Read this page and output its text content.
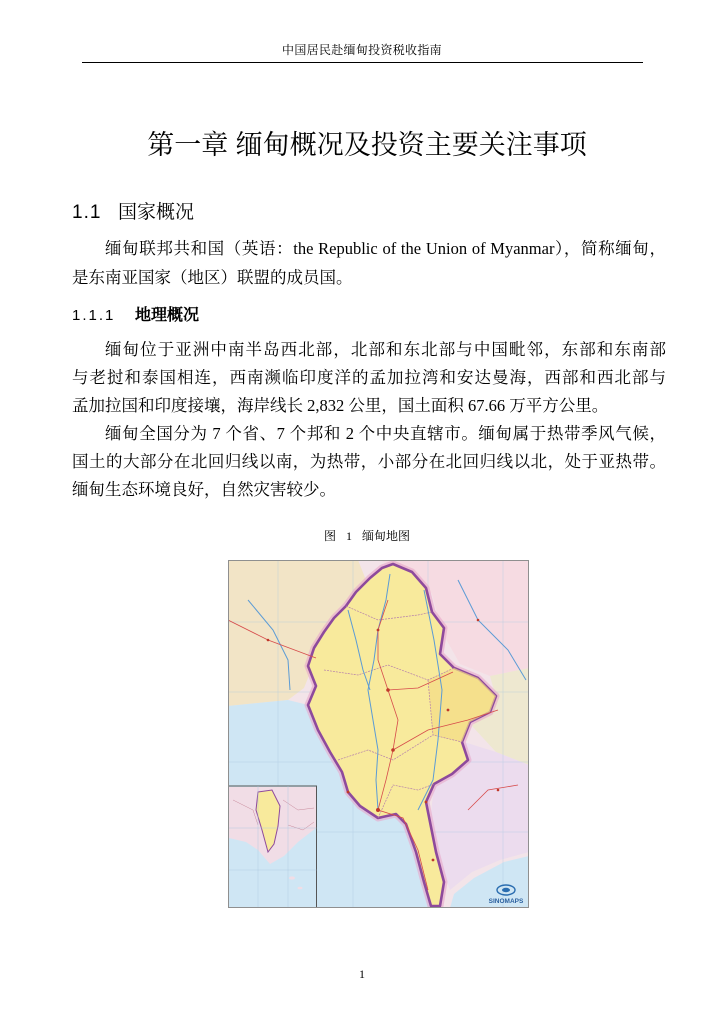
中国居民赴缅甸投资税收指南
第一章 缅甸概况及投资主要关注事项
1.1 国家概况
缅甸联邦共和国（英语：the Republic of the Union of Myanmar），简称缅甸，
是东南亚国家（地区）联盟的成员国。
1.1.1 地理概况
缅甸位于亚洲中南半岛西北部，北部和东北部与中国毗邻，东部和东南部
与老挝和泰国相连，西南濒临印度洋的孟加拉湾和安达曼海，西部和西北部与
孟加拉国和印度接壤，海岸线长 2,832 公里，国土面积 67.66 万平方公里。
缅甸全国分为 7 个省、7 个邦和 2 个中央直辖市。缅甸属于热带季风气候，
国土的大部分在北回归线以南，为热带，小部分在北回归线以北，处于亚热带。
缅甸生态环境良好，自然灾害较少。
图 1 缅甸地图
SINOMAPS
1
